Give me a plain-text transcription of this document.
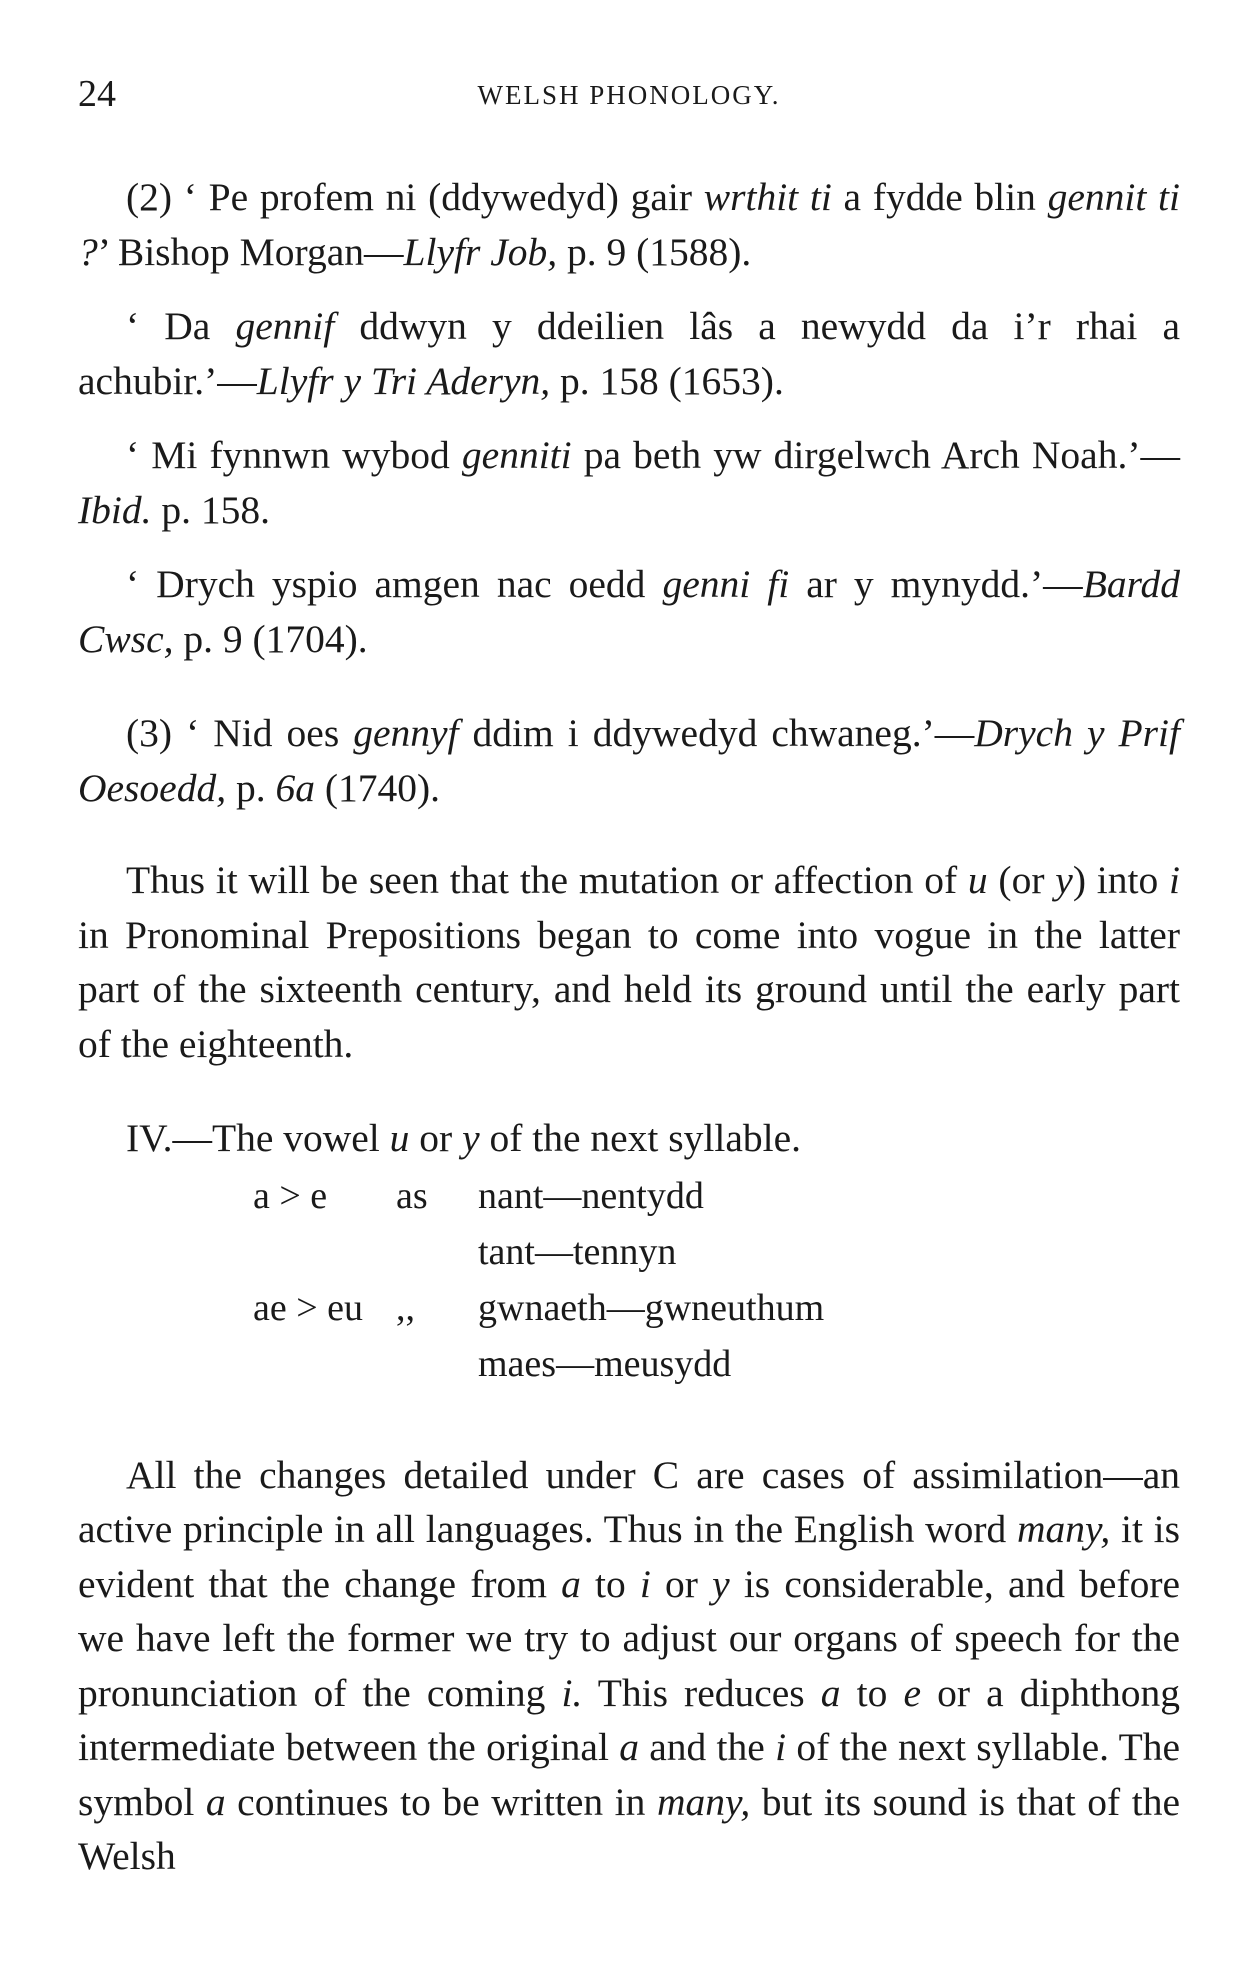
24	WELSH PHONOLOGY.

(2) ‘ Pe profem ni (ddywedyd) gair wrthit ti a fydde blin gennit ti ?’ Bishop Morgan—Llyfr Job, p. 9 (1588).

‘ Da gennif ddwyn y ddeilien lâs a newydd da i’r rhai a achubir.’—Llyfr y Tri Aderyn, p. 158 (1653).

‘ Mi fynnwn wybod genniti pa beth yw dirgelwch Arch Noah.’—Ibid. p. 158.

‘ Drych yspio amgen nac oedd genni fi ar y mynydd.’—Bardd Cwsc, p. 9 (1704).

(3) ‘ Nid oes gennyf ddim i ddywedyd chwaneg.’—Drych y Prif Oesoedd, p. 6a (1740).

Thus it will be seen that the mutation or affection of u (or y) into i in Pronominal Prepositions began to come into vogue in the latter part of the sixteenth century, and held its ground until the early part of the eighteenth.

IV.—The vowel u or y of the next syllable.

a > e	as nant—nentydd
tant—tennyn
ae > eu ,, gwnaeth—gwneuthum
maes—meusydd

All the changes detailed under C are cases of assimilation—an active principle in all languages. Thus in the English word many, it is evident that the change from a to i or y is considerable, and before we have left the former we try to adjust our organs of speech for the pronunciation of the coming i. This reduces a to e or a diphthong intermediate between the original a and the i of the next syllable. The symbol a continues to be written in many, but its sound is that of the Welsh
